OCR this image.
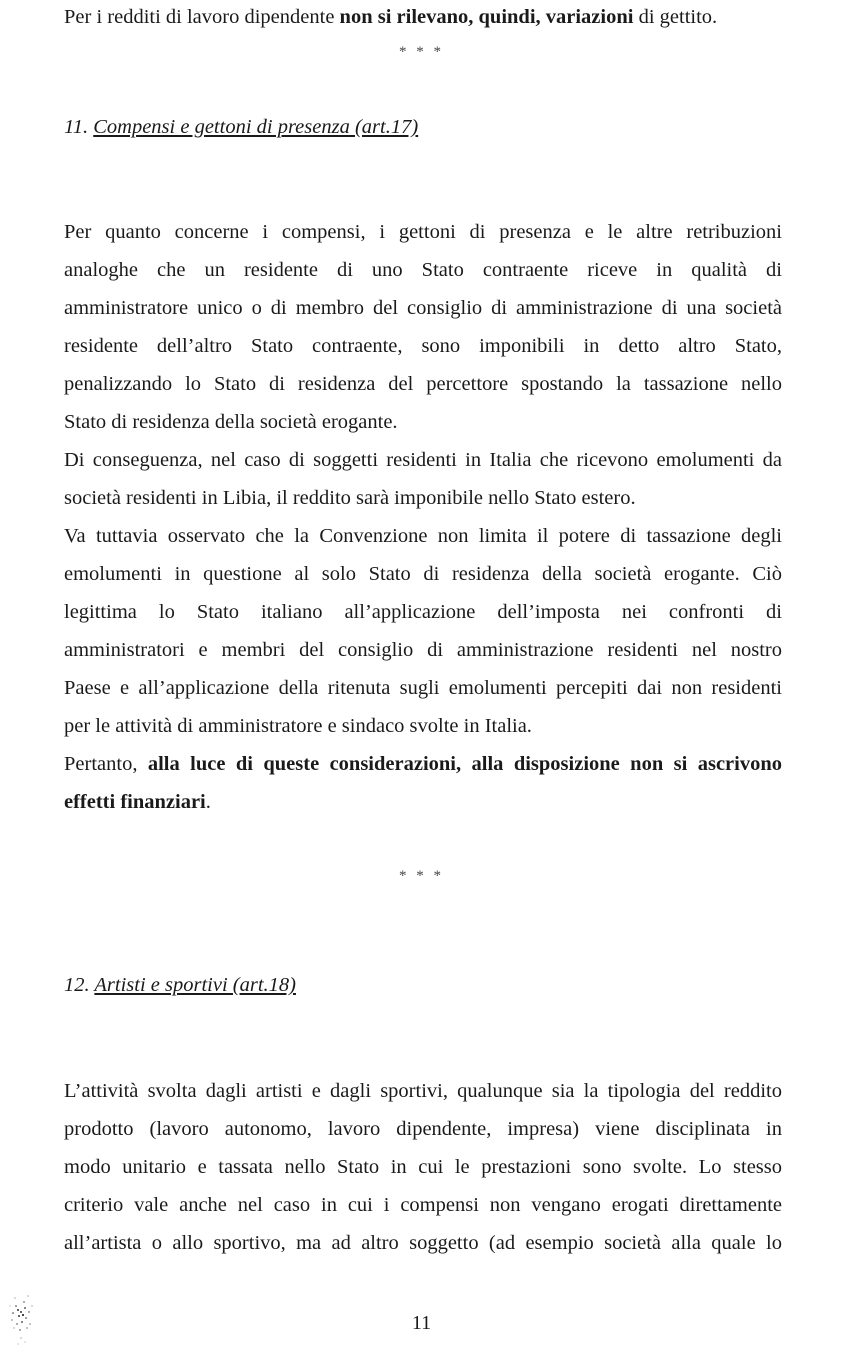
Per i redditi di lavoro dipendente non si rilevano, quindi, variazioni di gettito.
* * *
11. Compensi e gettoni di presenza (art.17)
Per quanto concerne i compensi, i gettoni di presenza e le altre retribuzioni
analoghe che un residente di uno Stato contraente riceve in qualità di
amministratore unico o di membro del consiglio di amministrazione di una società
residente dell’altro Stato contraente, sono imponibili in detto altro Stato,
penalizzando lo Stato di residenza del percettore spostando la tassazione nello
Stato di residenza della società erogante.
Di conseguenza, nel caso di soggetti residenti in Italia che ricevono emolumenti da
società residenti in Libia, il reddito sarà imponibile nello Stato estero.
Va tuttavia osservato che la Convenzione non limita il potere di tassazione degli
emolumenti in questione al solo Stato di residenza della società erogante. Ciò
legittima lo Stato italiano all’applicazione dell’imposta nei confronti di
amministratori e membri del consiglio di amministrazione residenti nel nostro
Paese e all’applicazione della ritenuta sugli emolumenti percepiti dai non residenti
per le attività di amministratore e sindaco svolte in Italia.
Pertanto, alla luce di queste considerazioni, alla disposizione non si ascrivono
effetti finanziari.
* * *
12. Artisti e sportivi (art.18)
L’attività svolta dagli artisti e dagli sportivi, qualunque sia la tipologia del reddito
prodotto (lavoro autonomo, lavoro dipendente, impresa) viene disciplinata in
modo unitario e tassata nello Stato in cui le prestazioni sono svolte. Lo stesso
criterio vale anche nel caso in cui i compensi non vengano erogati direttamente
all’artista o allo sportivo, ma ad altro soggetto (ad esempio società alla quale lo
11
